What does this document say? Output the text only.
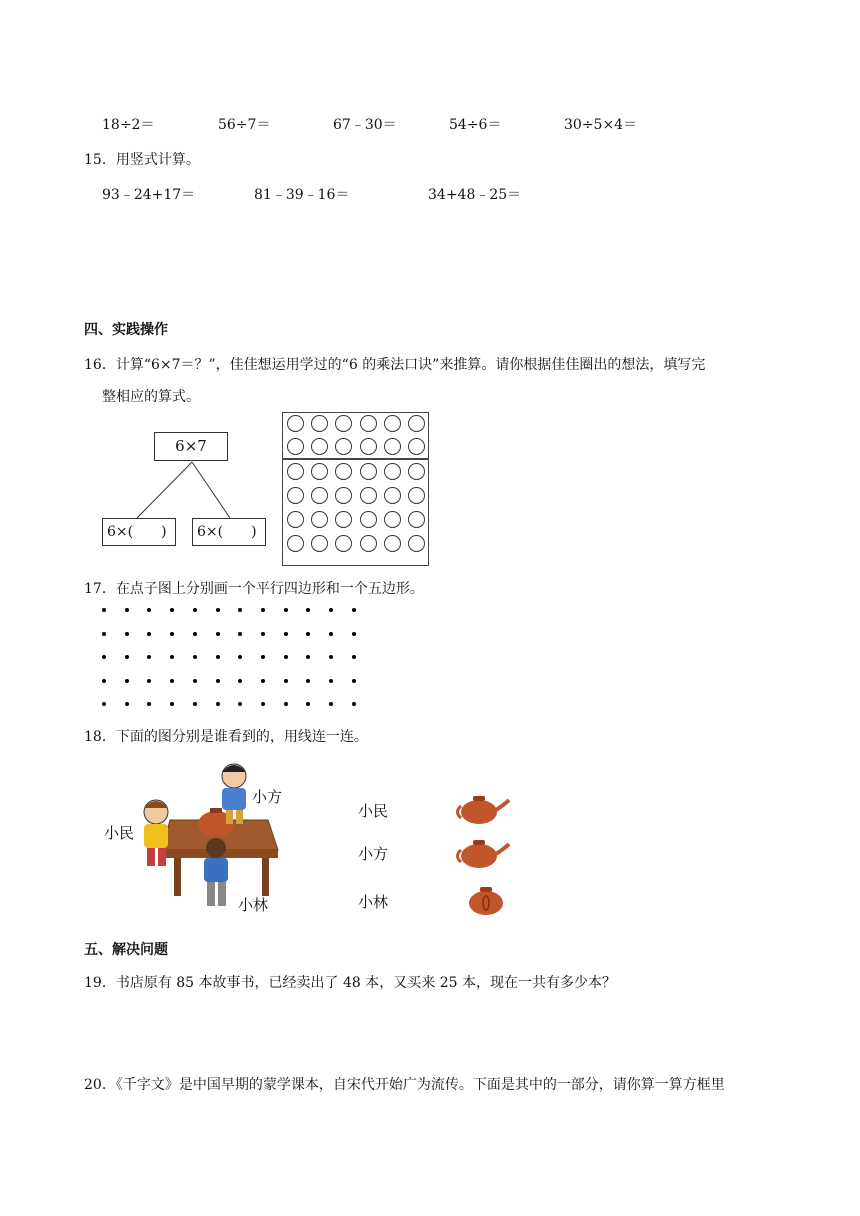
18÷2＝	56÷7＝	67﹣30＝	54÷6＝	30÷5×4＝
15．用竖式计算。
93﹣24+17＝	81﹣39﹣16＝	34+48﹣25＝
四、实践操作
16．计算“6×7＝？”，佳佳想运用学过的“6 的乘法口诀”来推算。请你根据佳佳圈出的想法，填写完
整相应的算式。
6×7
6×(　　)	6×(　　)
17．在点子图上分别画一个平行四边形和一个五边形。
18．下面的图分别是谁看到的，用线连一连。
小方
小民
小林
小民
小方
小林
五、解决问题
19．书店原有 85 本故事书，已经卖出了 48 本，又买来 25 本，现在一共有多少本？
20．《千字文》是中国早期的蒙学课本，自宋代开始广为流传。下面是其中的一部分，请你算一算方框里
